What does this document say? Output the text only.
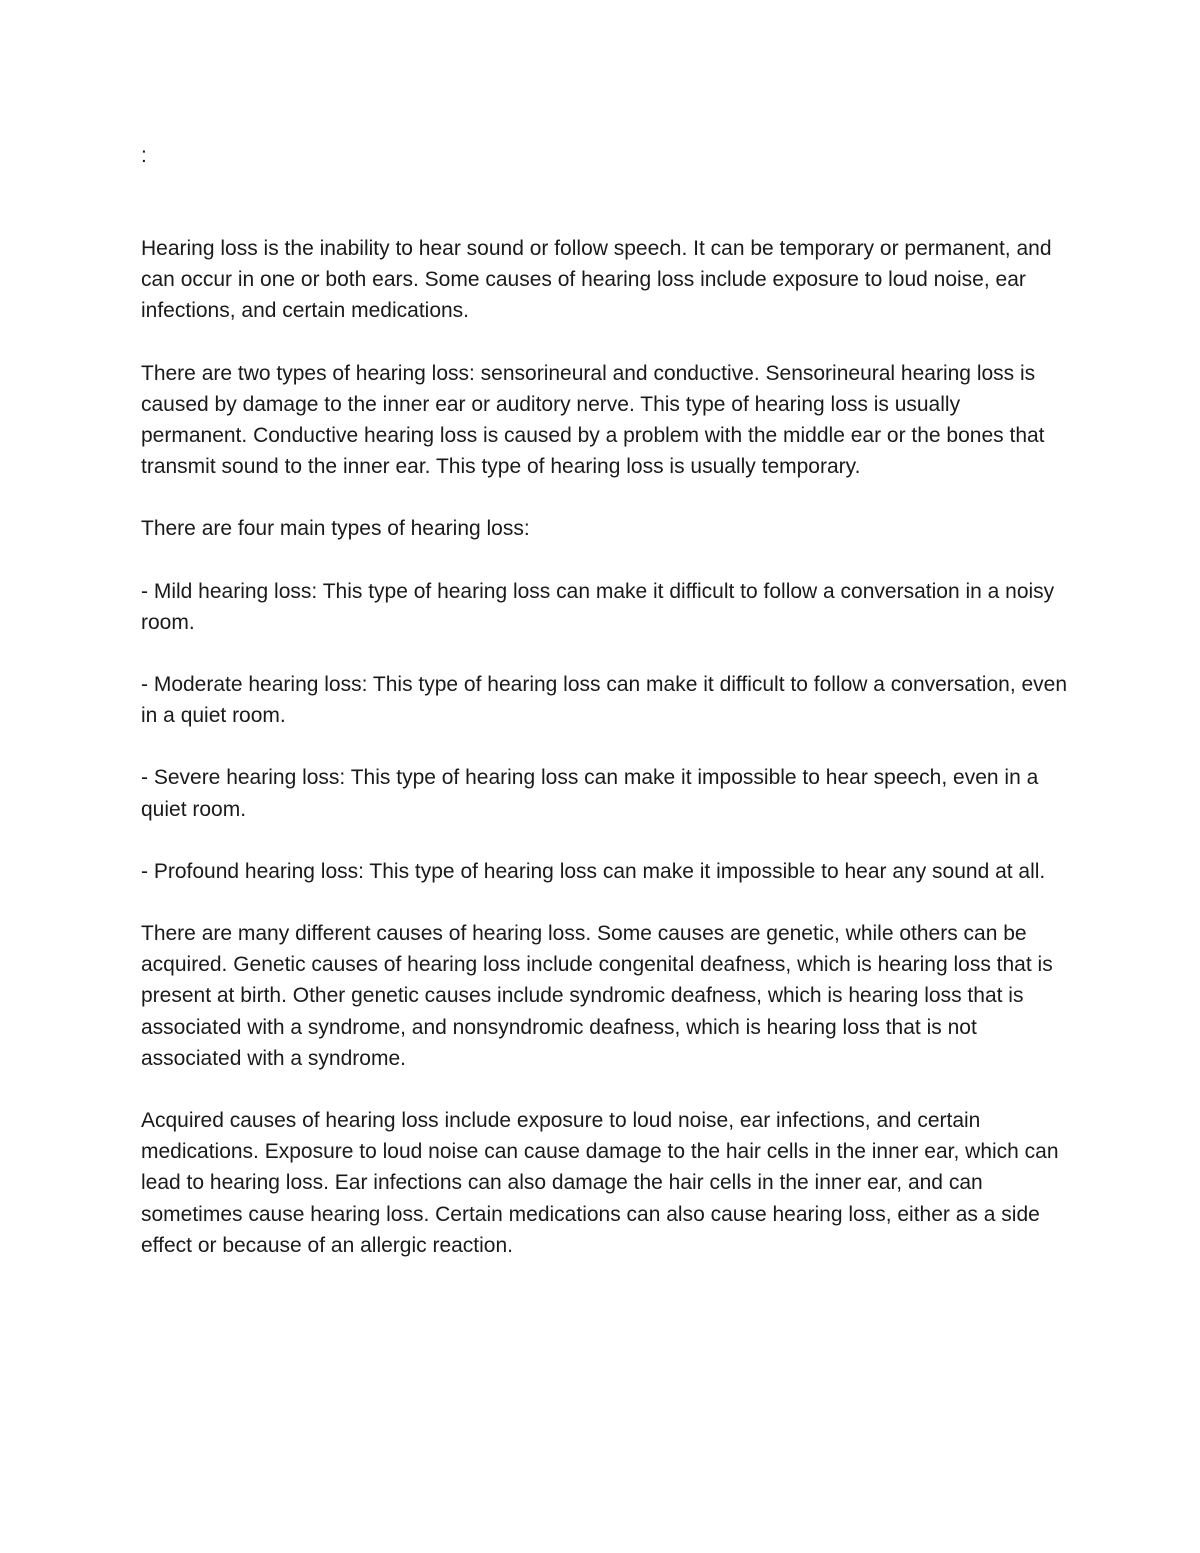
:

Hearing loss is the inability to hear sound or follow speech. It can be temporary or permanent, and can occur in one or both ears. Some causes of hearing loss include exposure to loud noise, ear infections, and certain medications.

There are two types of hearing loss: sensorineural and conductive. Sensorineural hearing loss is caused by damage to the inner ear or auditory nerve. This type of hearing loss is usually permanent. Conductive hearing loss is caused by a problem with the middle ear or the bones that transmit sound to the inner ear. This type of hearing loss is usually temporary.

There are four main types of hearing loss:

- Mild hearing loss: This type of hearing loss can make it difficult to follow a conversation in a noisy room.

- Moderate hearing loss: This type of hearing loss can make it difficult to follow a conversation, even in a quiet room.

- Severe hearing loss: This type of hearing loss can make it impossible to hear speech, even in a quiet room.

- Profound hearing loss: This type of hearing loss can make it impossible to hear any sound at all.

There are many different causes of hearing loss. Some causes are genetic, while others can be acquired. Genetic causes of hearing loss include congenital deafness, which is hearing loss that is present at birth. Other genetic causes include syndromic deafness, which is hearing loss that is associated with a syndrome, and nonsyndromic deafness, which is hearing loss that is not associated with a syndrome.

Acquired causes of hearing loss include exposure to loud noise, ear infections, and certain medications. Exposure to loud noise can cause damage to the hair cells in the inner ear, which can lead to hearing loss. Ear infections can also damage the hair cells in the inner ear, and can sometimes cause hearing loss. Certain medications can also cause hearing loss, either as a side effect or because of an allergic reaction.
